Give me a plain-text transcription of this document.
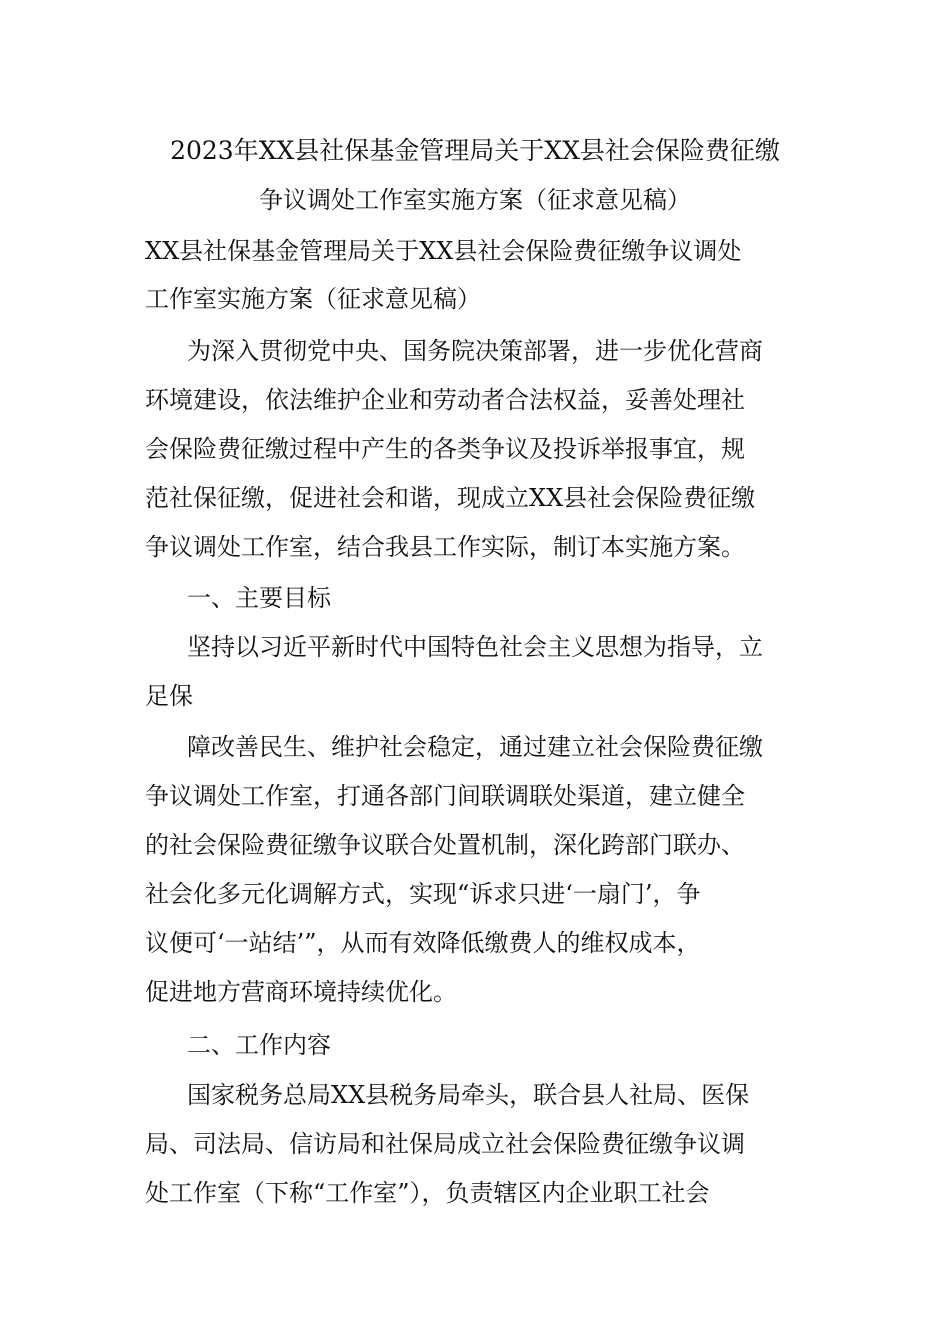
2023年XX县社保基金管理局关于XX县社会保险费征缴
争议调处工作室实施方案（征求意见稿）
XX县社保基金管理局关于XX县社会保险费征缴争议调处
工作室实施方案（征求意见稿）
为深入贯彻党中央、国务院决策部署，进一步优化营商
环境建设，依法维护企业和劳动者合法权益，妥善处理社
会保险费征缴过程中产生的各类争议及投诉举报事宜，规
范社保征缴，促进社会和谐，现成立XX县社会保险费征缴
争议调处工作室，结合我县工作实际，制订本实施方案。
一、主要目标
坚持以习近平新时代中国特色社会主义思想为指导，立
足保
障改善民生、维护社会稳定，通过建立社会保险费征缴
争议调处工作室，打通各部门间联调联处渠道，建立健全
的社会保险费征缴争议联合处置机制，深化跨部门联办、
社会化多元化调解方式，实现“诉求只进‘一扇门’，争
议便可‘一站结’”，从而有效降低缴费人的维权成本，
促进地方营商环境持续优化。
二、工作内容
国家税务总局XX县税务局牵头，联合县人社局、医保
局、司法局、信访局和社保局成立社会保险费征缴争议调
处工作室（下称“工作室”），负责辖区内企业职工社会
